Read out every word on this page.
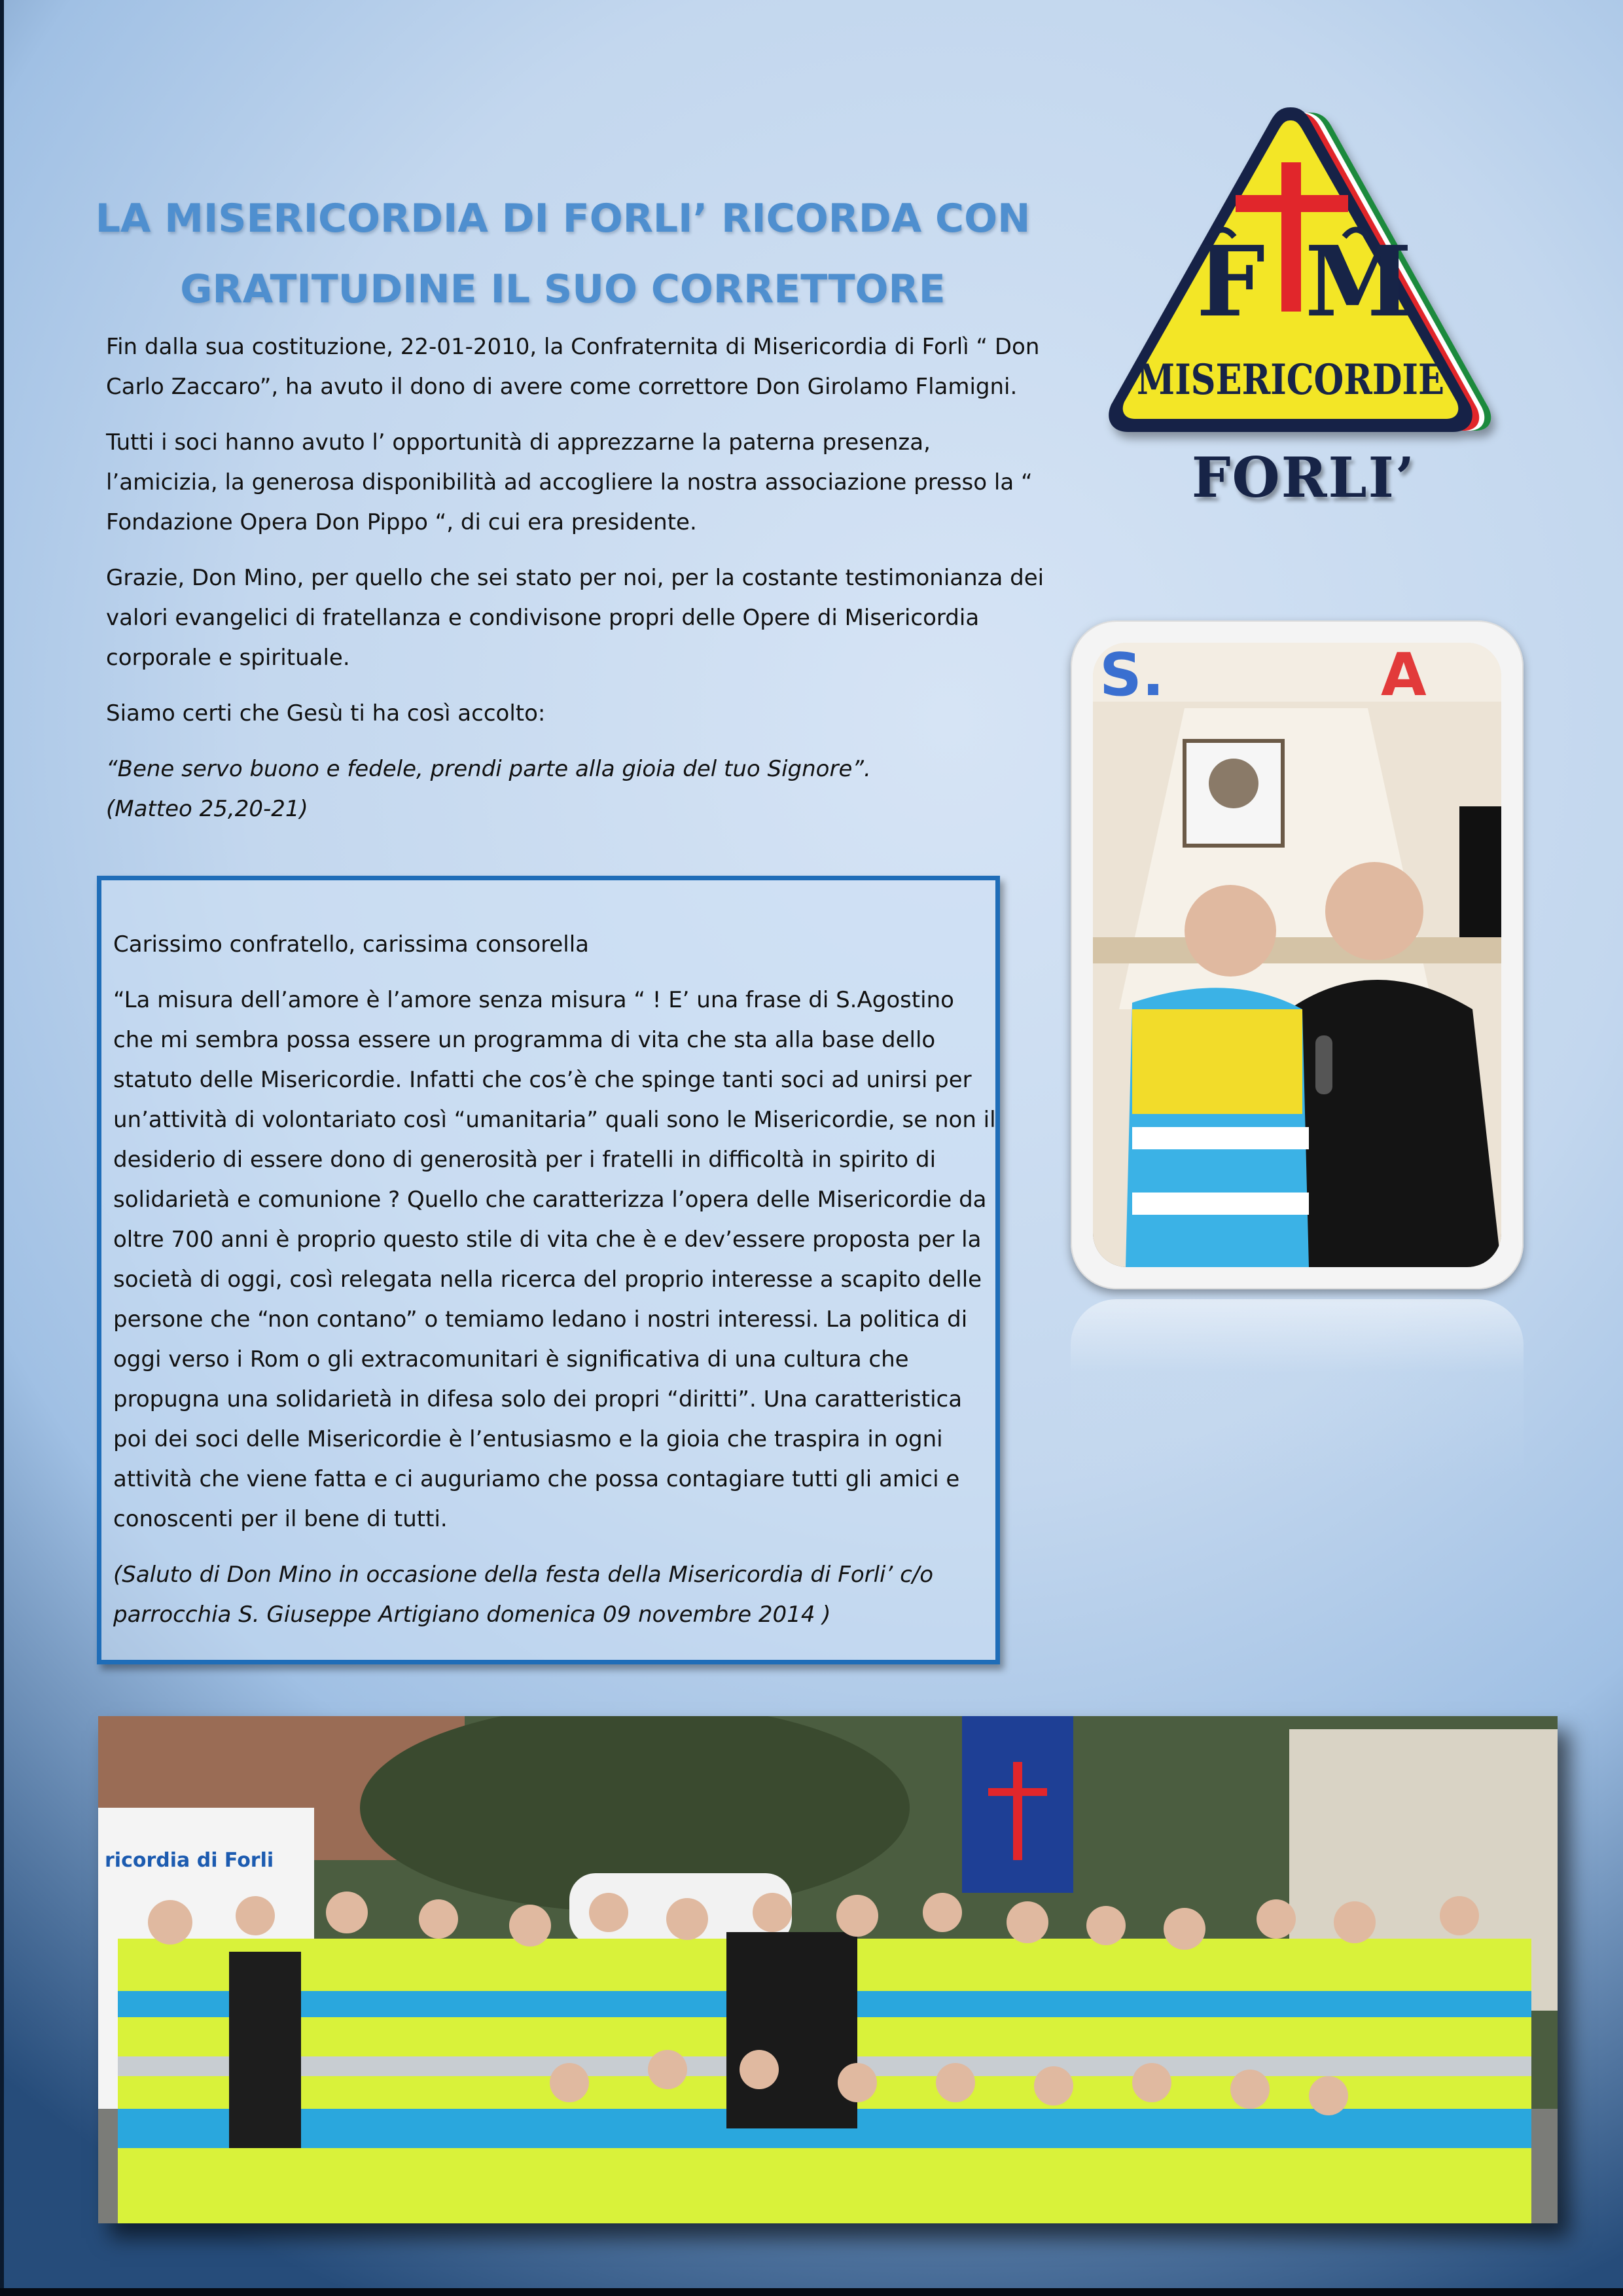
LA MISERICORDIA DI FORLI’ RICORDA CON
GRATITUDINE IL SUO CORRETTORE

Fin dalla sua costituzione, 22-01-2010, la Confraternita di Misericordia di Forlì “ Don Carlo Zaccaro”, ha avuto il dono di avere come correttore Don Girolamo Flamigni.

Tutti i soci hanno avuto l’ opportunità di apprezzarne la paterna presenza, l’amicizia, la generosa disponibilità ad accogliere la nostra associazione presso la “ Fondazione Opera Don Pippo “, di cui era presidente.

Grazie, Don Mino, per quello che sei stato per noi, per la costante testimonianza dei valori evangelici di fratellanza e condivisone propri delle Opere di Misericordia corporale e spirituale.

Siamo certi che Gesù ti ha così accolto:

“Bene servo buono e fedele, prendi parte alla gioia del tuo Signore”.
(Matteo 25,20-21)

Carissimo confratello, carissima consorella

“La misura dell’amore è l’amore senza misura “ ! E’ una frase di S.Agostino che mi sembra possa essere un programma di vita che sta alla base dello statuto delle Misericordie. Infatti che cos’è che spinge tanti soci ad unirsi per un’attività di volontariato così “umanitaria” quali sono le Misericordie, se non il desiderio di essere dono di generosità per i fratelli in difficoltà in spirito di solidarietà e comunione ? Quello che caratterizza l’opera delle Misericordie da oltre 700 anni è proprio questo stile di vita che è e dev’essere proposta per la società di oggi, così relegata nella ricerca del proprio interesse a scapito delle persone che “non contano” o temiamo ledano i nostri interessi. La politica di oggi verso i Rom o gli extracomunitari è significativa di una cultura che propugna una solidarietà in difesa solo dei propri “diritti”. Una caratteristica poi dei soci delle Misericordie è l’entusiasmo e la gioia che traspira in ogni attività che viene fatta e ci auguriamo che possa contagiare tutti gli amici e conoscenti per il bene di tutti.

(Saluto di Don Mino in occasione della festa della Misericordia di Forli’ c/o parrocchia S. Giuseppe Artigiano domenica 09 novembre 2014 )

F M
MISERICORDIE
FORLI’
S.	A
ricordia di Forli
